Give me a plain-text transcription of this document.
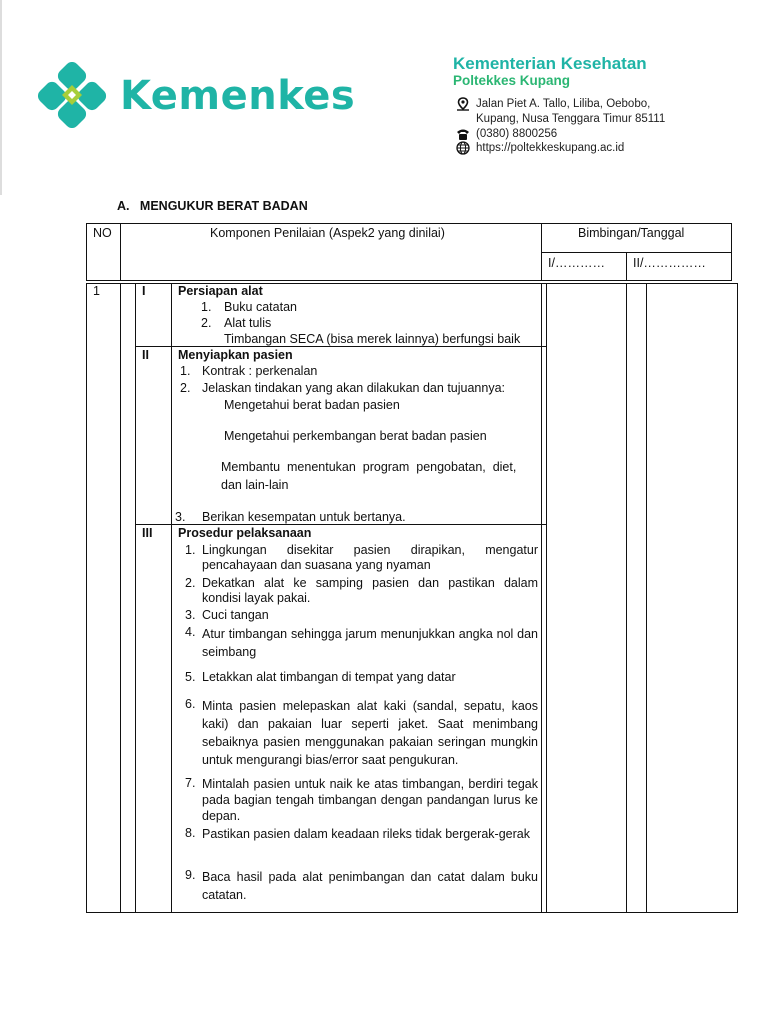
Kemenkes
Kementerian Kesehatan
Poltekkes Kupang
Jalan Piet A. Tallo, Liliba, Oebobo,
Kupang, Nusa Tenggara Timur 85111
(0380) 8800256
https://poltekkeskupang.ac.id
A.   MENGUKUR BERAT BADAN
NO	Komponen Penilaian (Aspek2 yang dinilai)	Bimbingan/Tanggal
I/………… II/……………
1	I	Persiapan alat
1. Buku catatan
2. Alat tulis
Timbangan SECA (bisa merek lainnya) berfungsi baik
II Menyiapkan pasien
1. Kontrak : perkenalan
2. Jelaskan tindakan yang akan dilakukan dan tujuannya:
Mengetahui berat badan pasien
Mengetahui perkembangan berat badan pasien
Membantu  menentukan  program  pengobatan,  diet,
dan lain-lain
3. Berikan kesempatan untuk bertanya.
III Prosedur pelaksanaan
1. Lingkungan disekitar pasien dirapikan, mengatur pencahayaan dan suasana yang nyaman
2. Dekatkan alat ke samping pasien dan pastikan dalam kondisi layak pakai.
3. Cuci tangan
4. Atur timbangan sehingga jarum menunjukkan angka nol dan seimbang
5. Letakkan alat timbangan di tempat yang datar
6. Minta pasien melepaskan alat kaki (sandal, sepatu, kaos kaki) dan pakaian luar seperti jaket. Saat menimbang sebaiknya pasien menggunakan pakaian seringan mungkin untuk mengurangi bias/error saat pengukuran.
7. Mintalah pasien untuk naik ke atas timbangan, berdiri tegak pada bagian tengah timbangan dengan pandangan lurus ke depan.
8. Pastikan pasien dalam keadaan rileks tidak bergerak-gerak
9. Baca hasil pada alat penimbangan dan catat dalam buku catatan.
